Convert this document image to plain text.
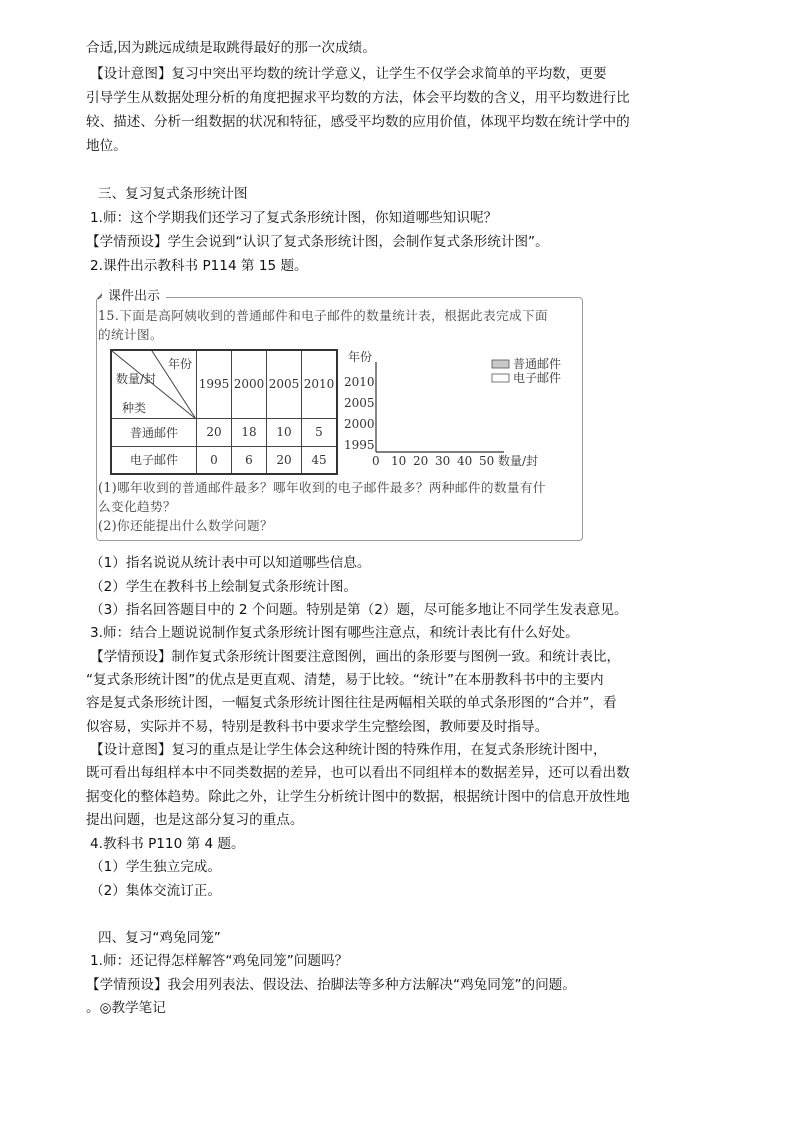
合适,因为跳远成绩是取跳得最好的那一次成绩。
【设计意图】复习中突出平均数的统计学意义，让学生不仅学会求简单的平均数，更要
引导学生从数据处理分析的角度把握求平均数的方法，体会平均数的含义，用平均数进行比
较、描述、分析一组数据的状况和特征，感受平均数的应用价值，体现平均数在统计学中的
地位。
三、复习复式条形统计图
1.师：这个学期我们还学习了复式条形统计图，你知道哪些知识呢？
【学情预设】学生会说到“认识了复式条形统计图，会制作复式条形统计图”。
2.课件出示教科书 P114 第 15 题。
课件出示
15.下面是高阿姨收到的普通邮件和电子邮件的数量统计表，根据此表完成下面
的统计图。
年份
数量/封
种类	1995	2000	2005	2010
普通邮件	20	18	10	5
电子邮件	0	6	20	45
年份
2010
2005
2000
1995
0 10 20 30 40 50 数量/封
普通邮件
电子邮件
(1)哪年收到的普通邮件最多？哪年收到的电子邮件最多？两种邮件的数量有什
么变化趋势？
(2)你还能提出什么数学问题？
（1）指名说说从统计表中可以知道哪些信息。
（2）学生在教科书上绘制复式条形统计图。
（3）指名回答题目中的 2 个问题。特别是第（2）题，尽可能多地让不同学生发表意见。
3.师：结合上题说说制作复式条形统计图有哪些注意点，和统计表比有什么好处。
【学情预设】制作复式条形统计图要注意图例，画出的条形要与图例一致。和统计表比，
“复式条形统计图”的优点是更直观、清楚，易于比较。“统计”在本册教科书中的主要内
容是复式条形统计图，一幅复式条形统计图往往是两幅相关联的单式条形图的“合并”，看
似容易，实际并不易，特别是教科书中要求学生完整绘图，教师要及时指导。
【设计意图】复习的重点是让学生体会这种统计图的特殊作用，在复式条形统计图中，
既可看出每组样本中不同类数据的差异，也可以看出不同组样本的数据差异，还可以看出数
据变化的整体趋势。除此之外，让学生分析统计图中的数据，根据统计图中的信息开放性地
提出问题，也是这部分复习的重点。
4.教科书 P110 第 4 题。
（1）学生独立完成。
（2）集体交流订正。
四、复习“鸡兔同笼”
1.师：还记得怎样解答“鸡兔同笼”问题吗？
【学情预设】我会用列表法、假设法、抬脚法等多种方法解决“鸡兔同笼”的问题。
。◎教学笔记
